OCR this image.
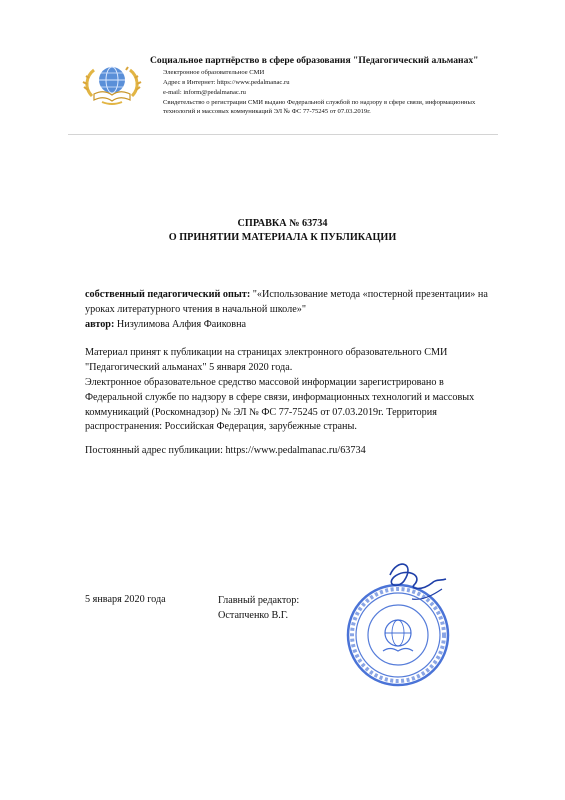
Социальное партнёрство в сфере образования "Педагогический альманах"
Электронное образовательное СМИ
Адрес в Интернет: https://www.pedalmanac.ru
e-mail: inform@pedalmanac.ru
Свидетельство о регистрации СМИ выдано Федеральной службой по надзору в сфере связи, информационных
технологий и массовых коммуникаций ЭЛ № ФС 77-75245 от 07.03.2019г.
СПРАВКА № 63734
О ПРИНЯТИИ МАТЕРИАЛА К ПУБЛИКАЦИИ
собственный педагогический опыт: "«Использование метода «постерной презентации» на уроках литературного чтения в начальной школе»"
автор: Низулимова Алфия Фаиковна
Материал принят к публикации на страницах электронного образовательного СМИ "Педагогический альманах" 5 января 2020 года.
Электронное образовательное средство массовой информации зарегистрировано в Федеральной службе по надзору в сфере связи, информационных технологий и массовых коммуникаций (Роскомнадзор) № ЭЛ № ФС 77-75245 от 07.03.2019г. Территория распространения: Российская Федерация, зарубежные страны.
Постоянный адрес публикации: https://www.pedalmanac.ru/63734
5 января 2020 года	Главный редактор:
Остапченко В.Г.
